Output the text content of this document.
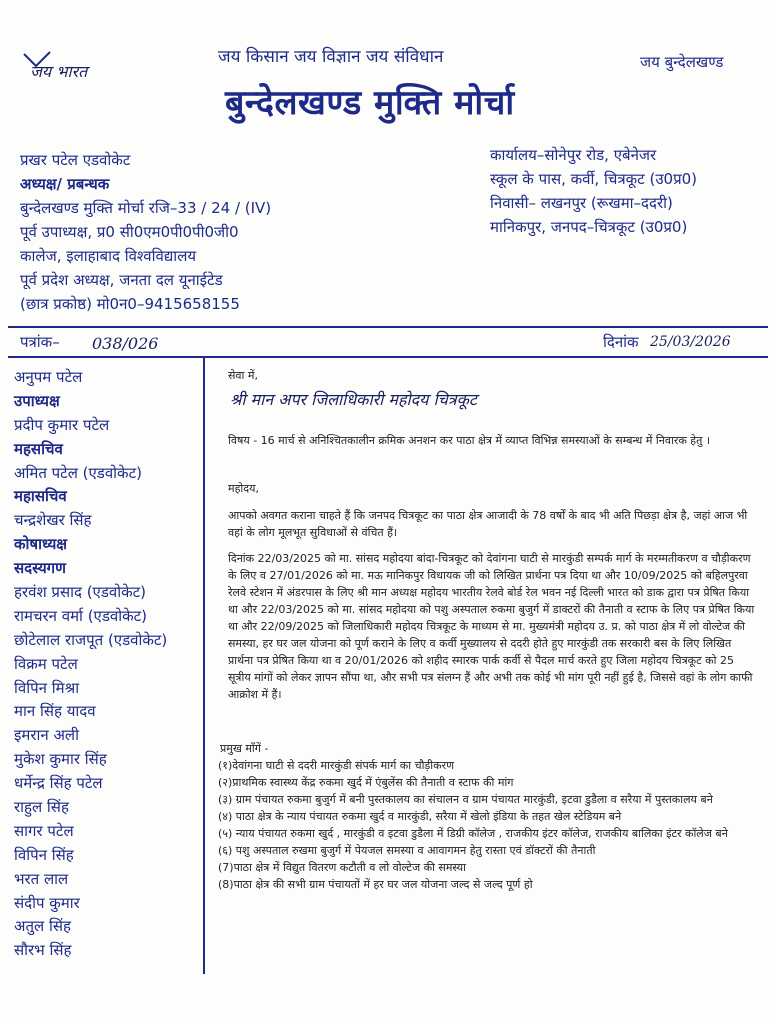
जय भारत
जय किसान जय विज्ञान जय संविधान	जय बुन्देलखण्ड
बुन्देलखण्ड मुक्ति मोर्चा
प्रखर पटेल एडवोकेट
अध्यक्ष/ प्रबन्धक
बुन्देलखण्ड मुक्ति मोर्चा रजि–33 / 24 / (IV)
पूर्व उपाध्यक्ष, प्र0 सी0एम0पी0पी0जी0
कालेज, इलाहाबाद विश्वविद्यालय
पूर्व प्रदेश अध्यक्ष, जनता दल यूनाईटेड
(छात्र प्रकोष्ठ) मो0न0–9415658155
कार्यालय–सोनेपुर रोड, एबेनेजर
स्कूल के पास, कर्वी, चित्रकूट (उ0प्र0)
निवासी– लखनपुर (रूखमा–ददरी)
मानिकपुर, जनपद–चित्रकूट (उ0प्र0)
पत्रांक– 038/026	दिनांक 25/03/2026
अनुपम पटेल
उपाध्यक्ष
प्रदीप कुमार पटेल
महसचिव
अमित पटेल (एडवोकेट)
महासचिव
चन्द्रशेखर सिंह
कोषाध्यक्ष
सदस्यगण
हरवंश प्रसाद (एडवोकेट)
रामचरन वर्मा (एडवोकेट)
छोटेलाल राजपूत (एडवोकेट)
विक्रम पटेल
विपिन मिश्रा
मान सिंह यादव
इमरान अली
मुकेश कुमार सिंह
धर्मेन्द्र सिंह पटेल
राहुल सिंह
सागर पटेल
विपिन सिंह
भरत लाल
संदीप कुमार
अतुल सिंह
सौरभ सिंह
सेवा में,
श्री मान अपर जिलाधिकारी महोदय चित्रकूट
विषय - 16 मार्च से अनिश्चितकालीन क्रमिक अनशन कर पाठा क्षेत्र में व्याप्त विभिन्न समस्याओं के सम्बन्ध में निवारक हेतु ।
महोदय,
आपको अवगत कराना चाहते हैं कि जनपद चित्रकूट का पाठा क्षेत्र आजादी के 78 वर्षों के बाद भी अति पिछड़ा क्षेत्र है, जहां आज भी वहां के लोग मूलभूत सुविधाओं से वंचित हैं।
दिनांक 22/03/2025 को मा. सांसद महोदया बांदा-चित्रकूट को देवांगना घाटी से मारकुंडी सम्पर्क मार्ग के मरम्मतीकरण व चौड़ीकरण के लिए व 27/01/2026 को मा. मऊ मानिकपुर विधायक जी को लिखित प्रार्थना पत्र दिया था और 10/09/2025 को बहिलपुरवा रेलवे स्टेशन में अंडरपास के लिए श्री मान अध्यक्ष महोदय भारतीय रेलवे बोर्ड रेल भवन नई दिल्ली भारत को डाक द्वारा पत्र प्रेषित किया था और 22/03/2025 को मा. सांसद महोदया को पशु अस्पताल रुकमा बुजुर्ग में डाक्टरों की तैनाती व स्टाफ के लिए पत्र प्रेषित किया था और 22/09/2025 को जिलाधिकारी महोदय चित्रकूट के माध्यम से मा. मुख्यमंत्री महोदय उ. प्र. को पाठा क्षेत्र में लो वोल्टेज की समस्या, हर घर जल योजना को पूर्ण कराने के लिए व कर्वी मुख्यालय से ददरी होते हुए मारकुंडी तक सरकारी बस के लिए लिखित प्रार्थना पत्र प्रेषित किया था व 20/01/2026 को शहीद स्मारक पार्क कर्वी से पैदल मार्च करते हुए जिला महोदय चित्रकूट को 25 सूत्रीय मांगों को लेकर ज्ञापन सौंपा था, और सभी पत्र संलग्न हैं और अभी तक कोई भी मांग पूरी नहीं हुई है, जिससे वहां के लोग काफी आक्रोश में हैं।
प्रमुख माँगें -
(१)देवांगना घाटी से ददरी मारकुंडी संपर्क मार्ग का चौड़ीकरण
(२)प्राथमिक स्वास्थ्य केंद्र रुकमा खुर्द में एंबुलेंस की तैनाती व स्टाफ की मांग
(३) ग्राम पंचायत रुकमा बुजुर्ग में बनी पुस्तकालय का संचालन व ग्राम पंचायत मारकुंडी, इटवा डुडैला व सरैया में पुस्तकालय बने
(४) पाठा क्षेत्र के न्याय पंचायत रुकमा खुर्द व मारकुंडी, सरैया में खेलो इंडिया के तहत खेल स्टेडियम बने
(५) न्याय पंचायत रुकमा खुर्द , मारकुंडी व इटवा डुडैला में डिग्री कॉलेज , राजकीय इंटर कॉलेज, राजकीय बालिका इंटर कॉलेज बने
(६) पशु अस्पताल रुखमा बुजुर्ग में पेयजल समस्या व आवागमन हेतु रास्ता एवं डॉक्टरों की तैनाती
(7)पाठा क्षेत्र में विद्युत वितरण कटौती व लो वोल्टेज की समस्या
(8)पाठा क्षेत्र की सभी ग्राम पंचायतों में हर घर जल योजना जल्द से जल्द पूर्ण हो
